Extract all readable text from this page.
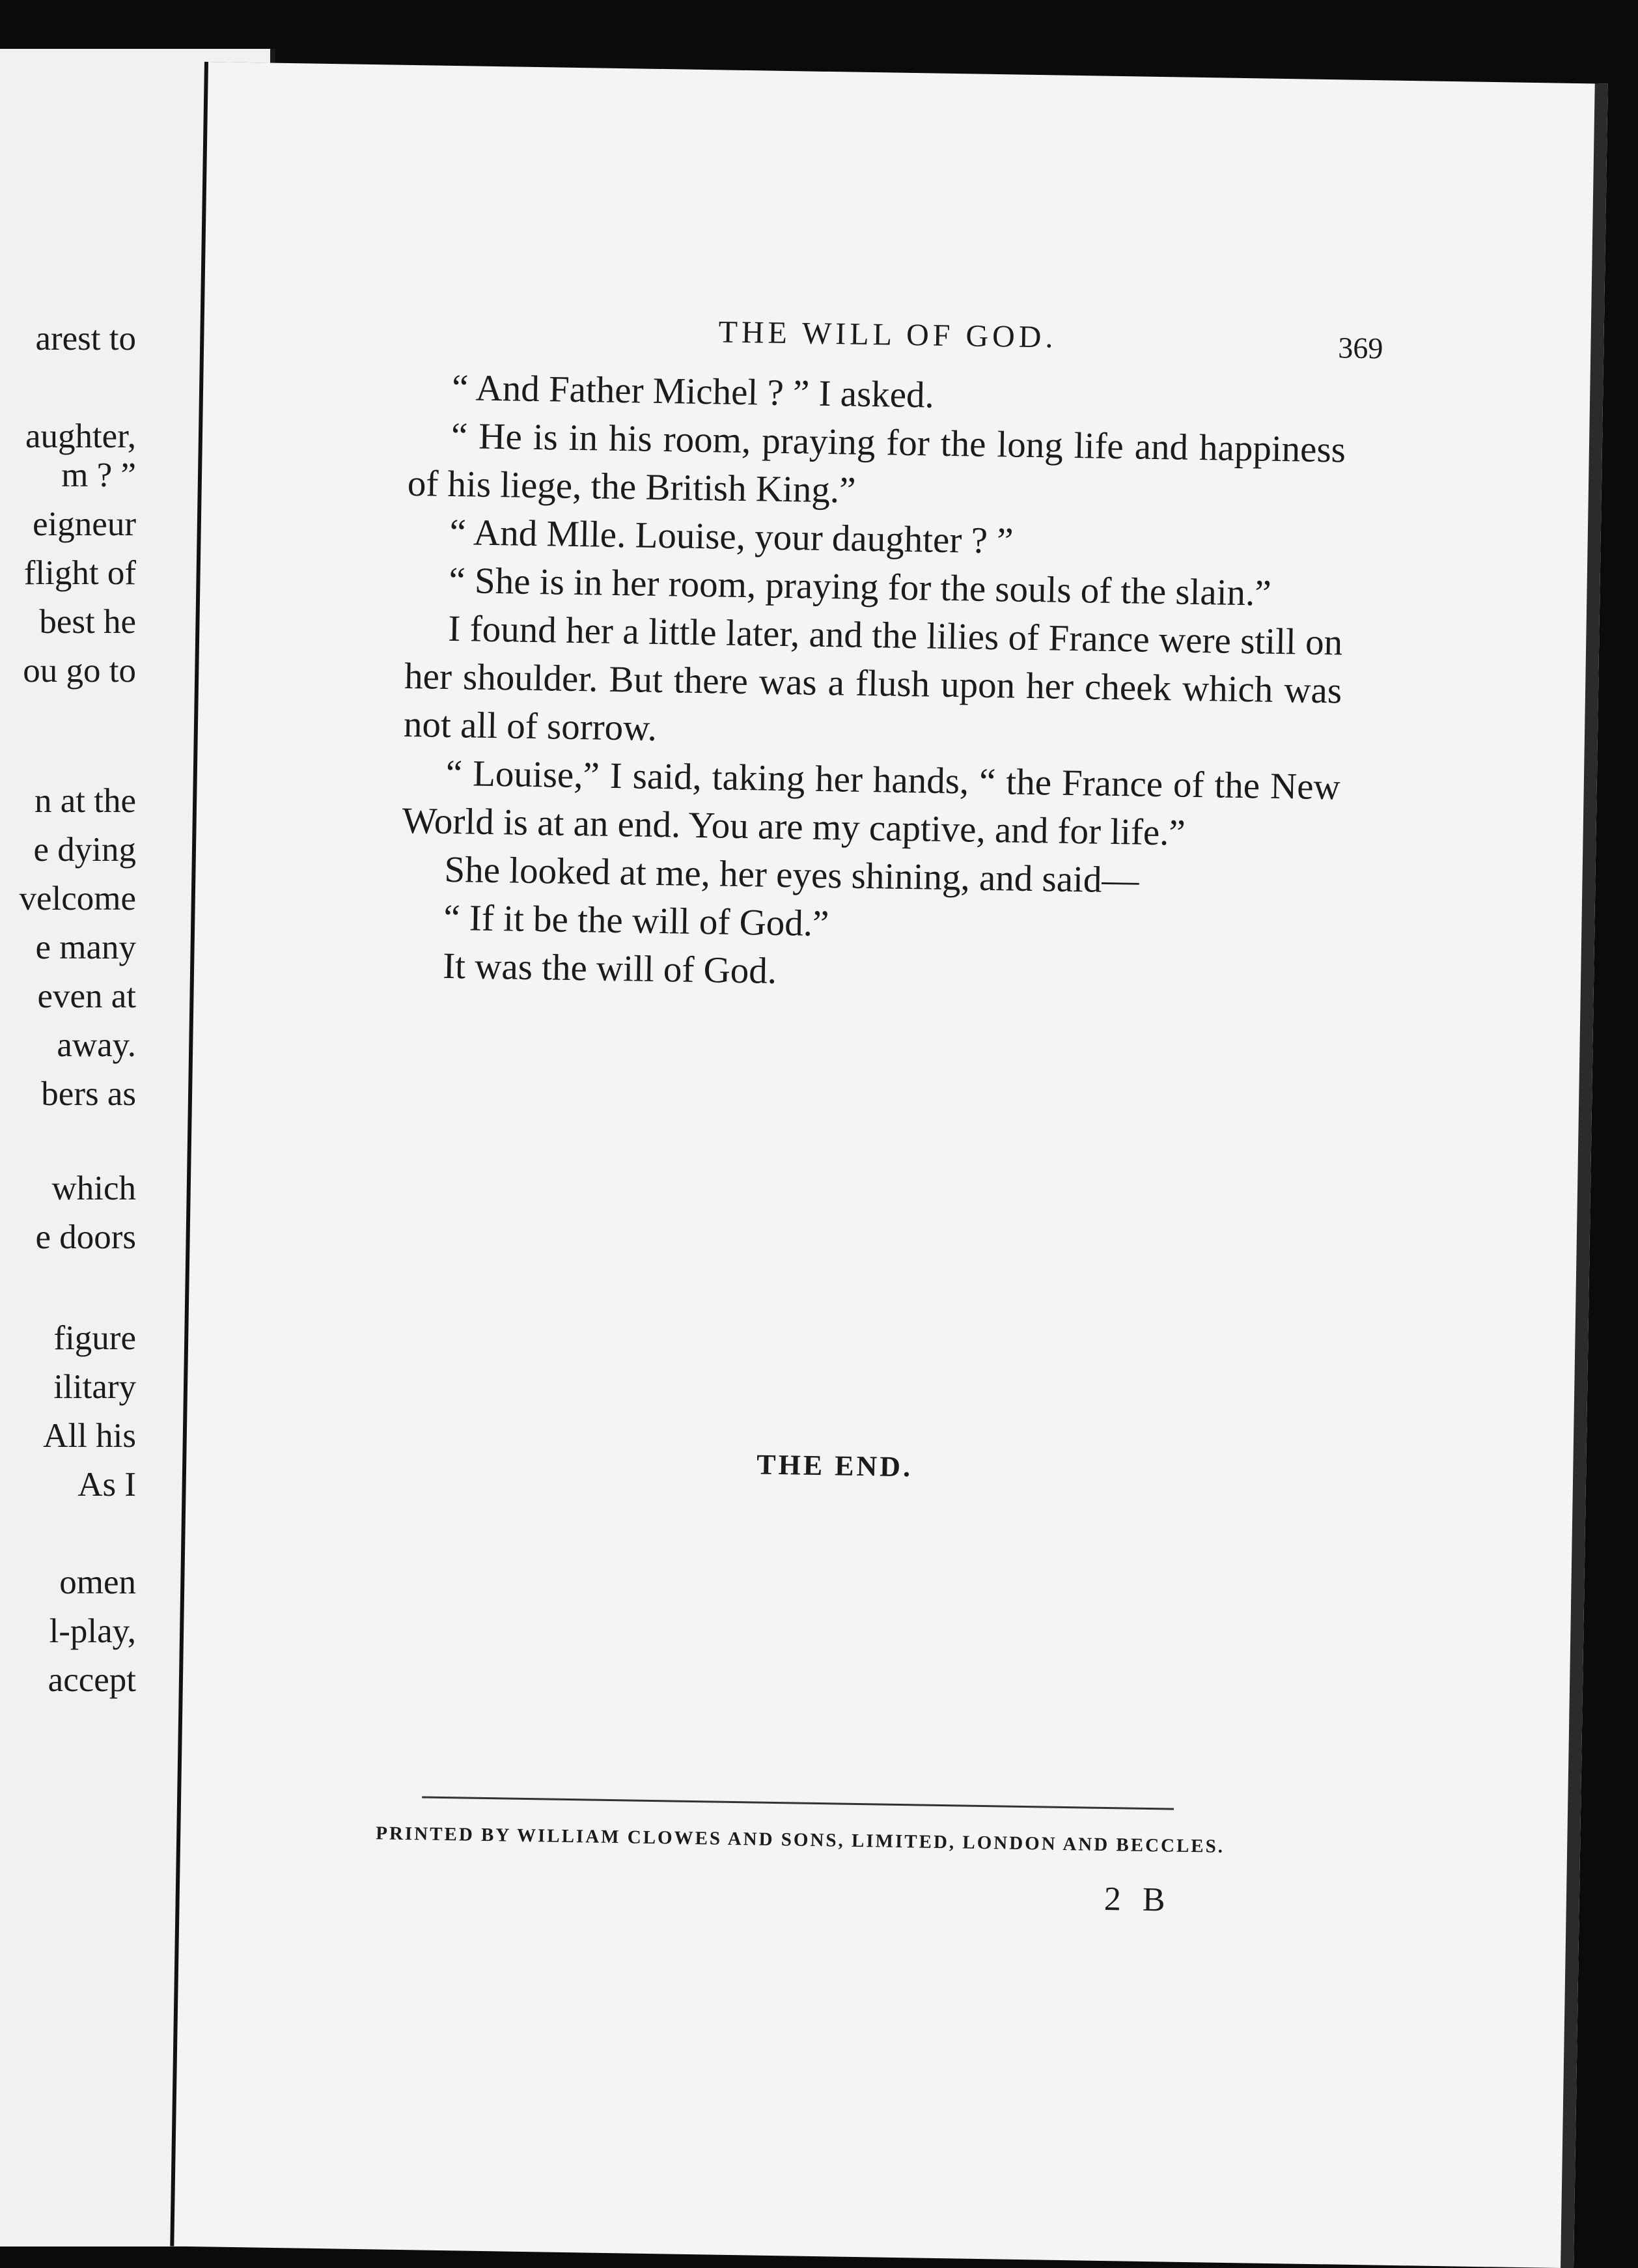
arest to
aughter,
m ? ”
eigneur
flight of
best he
ou go to
n at the
e dying
velcome
e many
even at
away.
bers as
which
e doors
figure
ilitary
All his
As I
omen
l-play,
accept
THE WILL OF GOD.	369

“ And Father Michel ? ” I asked.

“ He is in his room, praying for the long life and happiness of his liege, the British King.”

“ And Mlle. Louise, your daughter ? ”

“ She is in her room, praying for the souls of the slain.”

I found her a little later, and the lilies of France were still on her shoulder. But there was a flush upon her cheek which was not all of sorrow.

“ Louise,” I said, taking her hands, “ the France of the New World is at an end. You are my captive, and for life.”

She looked at me, her eyes shining, and said—

“ If it be the will of God.”

It was the will of God.

THE END.
PRINTED BY WILLIAM CLOWES AND SONS, LIMITED, LONDON AND BECCLES.
2 B
